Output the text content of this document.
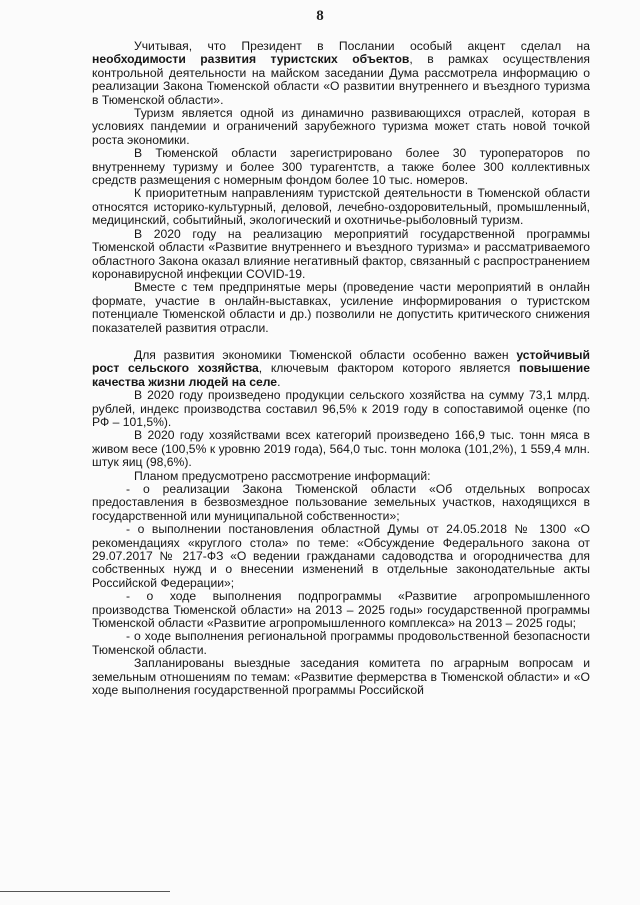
8

Учитывая, что Президент в Послании особый акцент сделал на необходимости развития туристских объектов, в рамках осуществления контрольной деятельности на майском заседании Дума рассмотрела информацию о реализации Закона Тюменской области «О развитии внутреннего и въездного туризма в Тюменской области».

Туризм является одной из динамично развивающихся отраслей, которая в условиях пандемии и ограничений зарубежного туризма может стать новой точкой роста экономики.

В Тюменской области зарегистрировано более 30 туроператоров по внутреннему туризму и более 300 турагентств, а также более 300 коллективных средств размещения с номерным фондом более 10 тыс. номеров.

К приоритетным направлениям туристской деятельности в Тюменской области относятся историко-культурный, деловой, лечебно-оздоровительный, промышленный, медицинский, событийный, экологический и охотничье-рыболовный туризм.

В 2020 году на реализацию мероприятий государственной программы Тюменской области «Развитие внутреннего и въездного туризма» и рассматриваемого областного Закона оказал влияние негативный фактор, связанный с распространением коронавирусной инфекции COVID-19.

Вместе с тем предпринятые меры (проведение части мероприятий в онлайн формате, участие в онлайн-выставках, усиление информирования о туристском потенциале Тюменской области и др.) позволили не допустить критического снижения показателей развития отрасли.

Для развития экономики Тюменской области особенно важен устойчивый рост сельского хозяйства, ключевым фактором которого является повышение качества жизни людей на селе.

В 2020 году произведено продукции сельского хозяйства на сумму 73,1 млрд. рублей, индекс производства составил 96,5% к 2019 году в сопоставимой оценке (по РФ – 101,5%).

В 2020 году хозяйствами всех категорий произведено 166,9 тыс. тонн мяса в живом весе (100,5% к уровню 2019 года), 564,0 тыс. тонн молока (101,2%), 1 559,4 млн. штук яиц (98,6%).

Планом предусмотрено рассмотрение информаций:

- о реализации Закона Тюменской области «Об отдельных вопросах предоставления в безвозмездное пользование земельных участков, находящихся в государственной или муниципальной собственности»;

- о выполнении постановления областной Думы от 24.05.2018 № 1300 «О рекомендациях «круглого стола» по теме: «Обсуждение Федерального закона от 29.07.2017 № 217-ФЗ «О ведении гражданами садоводства и огородничества для собственных нужд и о внесении изменений в отдельные законодательные акты Российской Федерации»;

- о ходе выполнения подпрограммы «Развитие агропромышленного производства Тюменской области» на 2013 – 2025 годы» государственной программы Тюменской области «Развитие агропромышленного комплекса» на 2013 – 2025 годы;

- о ходе выполнения региональной программы продовольственной безопасности Тюменской области.

Запланированы выездные заседания комитета по аграрным вопросам и земельным отношениям по темам: «Развитие фермерства в Тюменской области» и «О ходе выполнения государственной программы Российской
